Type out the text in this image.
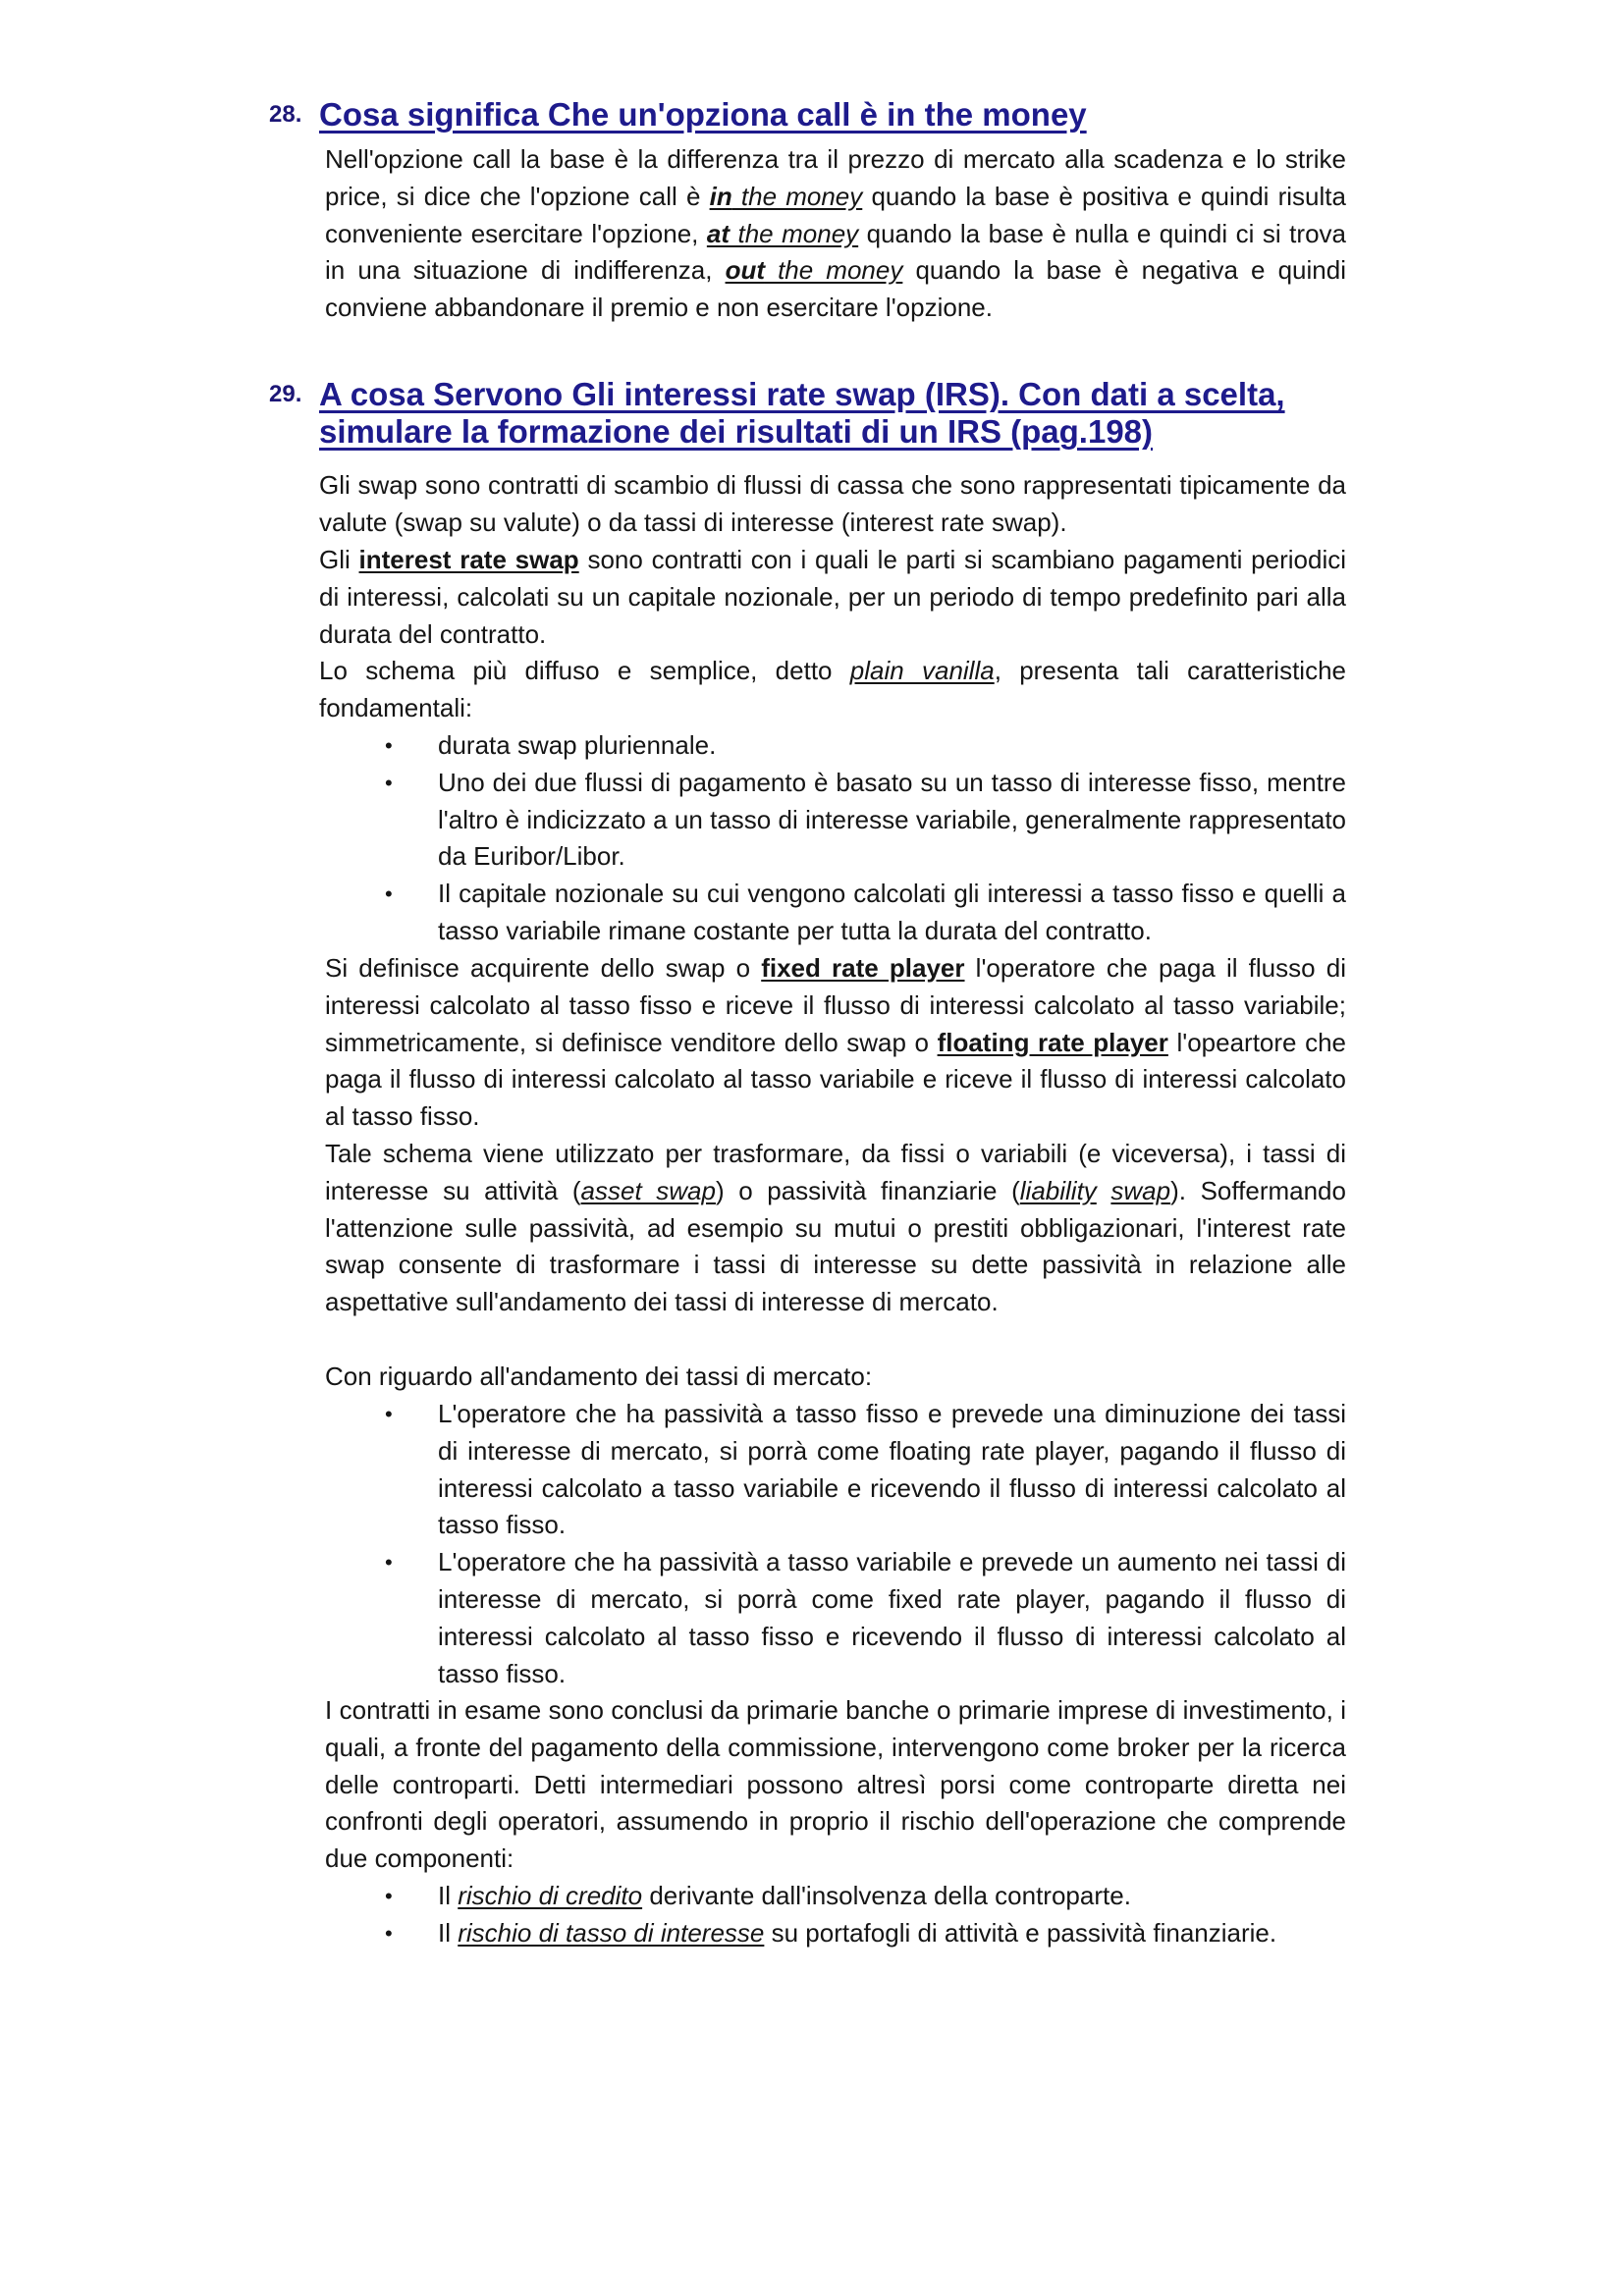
28. Cosa significa Che un'opziona call è in the money

Nell'opzione call la base è la differenza tra il prezzo di mercato alla scadenza e lo strike price, si dice che l'opzione call è in the money quando la base è positiva e quindi risulta conveniente esercitare l'opzione, at the money quando la base è nulla e quindi ci si trova in una situazione di indifferenza, out the money quando la base è negativa e quindi conviene abbandonare il premio e non esercitare l'opzione.

29. A cosa Servono Gli interessi rate swap (IRS). Con dati a scelta,
simulare la formazione dei risultati di un IRS (pag.198)

Gli swap sono contratti di scambio di flussi di cassa che sono rappresentati tipicamente da valute (swap su valute) o da tassi di interesse (interest rate swap).

Gli interest rate swap sono contratti con i quali le parti si scambiano pagamenti periodici di interessi, calcolati su un capitale nozionale, per un periodo di tempo predefinito pari alla durata del contratto.

Lo schema più diffuso e semplice, detto plain vanilla, presenta tali caratteristiche fondamentali:

• durata swap pluriennale.
• Uno dei due flussi di pagamento è basato su un tasso di interesse fisso, mentre l'altro è indicizzato a un tasso di interesse variabile, generalmente rappresentato da Euribor/Libor.
• Il capitale nozionale su cui vengono calcolati gli interessi a tasso fisso e quelli a tasso variabile rimane costante per tutta la durata del contratto.

Si definisce acquirente dello swap o fixed rate player l'operatore che paga il flusso di interessi calcolato al tasso fisso e riceve il flusso di interessi calcolato al tasso variabile; simmetricamente, si definisce venditore dello swap o floating rate player l'opeartore che paga il flusso di interessi calcolato al tasso variabile e riceve il flusso di interessi calcolato al tasso fisso.

Tale schema viene utilizzato per trasformare, da fissi o variabili (e viceversa), i tassi di interesse su attività (asset swap) o passività finanziarie (liability swap). Soffermando l'attenzione sulle passività, ad esempio su mutui o prestiti obbligazionari, l'interest rate swap consente di trasformare i tassi di interesse su dette passività in relazione alle aspettative sull'andamento dei tassi di interesse di mercato.

Con riguardo all'andamento dei tassi di mercato:

• L'operatore che ha passività a tasso fisso e prevede una diminuzione dei tassi di interesse di mercato, si porrà come floating rate player, pagando il flusso di interessi calcolato a tasso variabile e ricevendo il flusso di interessi calcolato al tasso fisso.
• L'operatore che ha passività a tasso variabile e prevede un aumento nei tassi di interesse di mercato, si porrà come fixed rate player, pagando il flusso di interessi calcolato al tasso fisso e ricevendo il flusso di interessi calcolato al tasso fisso.

I contratti in esame sono conclusi da primarie banche o primarie imprese di investimento, i quali, a fronte del pagamento della commissione, intervengono come broker per la ricerca delle controparti. Detti intermediari possono altresì porsi come controparte diretta nei confronti degli operatori, assumendo in proprio il rischio dell'operazione che comprende due componenti:

• Il rischio di credito derivante dall'insolvenza della controparte.
• Il rischio di tasso di interesse su portafogli di attività e passività finanziarie.
